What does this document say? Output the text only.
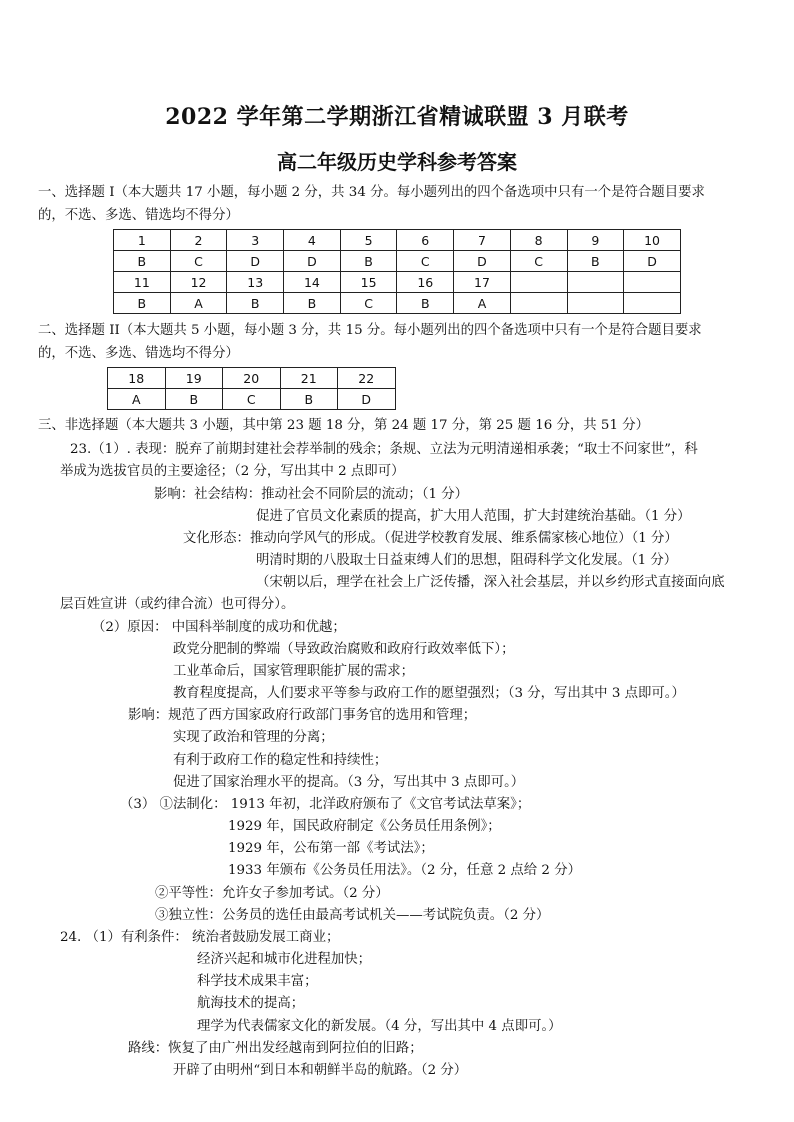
2022 学年第二学期浙江省精诚联盟 3 月联考
高二年级历史学科参考答案
一、选择题 I（本大题共 17 小题，每小题 2 分，共 34 分。每小题列出的四个备选项中只有一个是符合题目要求
的，不选、多选、错选均不得分）
1	2	3	4	5	6	7	8	9	10
B	C	D	D	B	C	D	C	B	D
11	12	13	14	15	16	17			
B	A	B	B	C	B	A			
二、选择题 II（本大题共 5 小题，每小题 3 分，共 15 分。每小题列出的四个备选项中只有一个是符合题目要求
的，不选、多选、错选均不得分）
18	19	20	21	22
A	B	C	B	D
三、非选择题（本大题共 3 小题，其中第 23 题 18 分，第 24 题 17 分，第 25 题 16 分，共 51 分）
23.（1）. 表现：脱弃了前期封建社会荐举制的残余；条规、立法为元明清递相承袭；“取士不问家世”，科
举成为选拔官员的主要途径；（2 分，写出其中 2 点即可）
影响：社会结构：推动社会不同阶层的流动；（1 分）
促进了官员文化素质的提高，扩大用人范围，扩大封建统治基础。（1 分）
文化形态：推动向学风气的形成。（促进学校教育发展、维系儒家核心地位）（1 分）
明清时期的八股取士日益束缚人们的思想，阻碍科学文化发展。（1 分）
（宋朝以后，理学在社会上广泛传播，深入社会基层，并以乡约形式直接面向底
层百姓宣讲（或约律合流）也可得分）。
（2）原因： 中国科举制度的成功和优越；
政党分肥制的弊端（导致政治腐败和政府行政效率低下）；
工业革命后，国家管理职能扩展的需求；
教育程度提高，人们要求平等参与政府工作的愿望强烈；（3 分，写出其中 3 点即可。）
影响：规范了西方国家政府行政部门事务官的选用和管理；
实现了政治和管理的分离；
有利于政府工作的稳定性和持续性；
促进了国家治理水平的提高。（3 分，写出其中 3 点即可。）
（3） ①法制化： 1913 年初，北洋政府颁布了《文官考试法草案》；
1929 年，国民政府制定《公务员任用条例》；
1929 年，公布第一部《考试法》；
1933 年颁布《公务员任用法》。（2 分，任意 2 点给 2 分）
②平等性：允许女子参加考试。（2 分）
③独立性：公务员的选任由最高考试机关——考试院负责。（2 分）
24. （1）有利条件： 统治者鼓励发展工商业；
经济兴起和城市化进程加快；
科学技术成果丰富；
航海技术的提高；
理学为代表儒家文化的新发展。（4 分，写出其中 4 点即可。）
路线：恢复了由广州出发经越南到阿拉伯的旧路；
开辟了由明州“到日本和朝鲜半岛的航路。（2 分）
